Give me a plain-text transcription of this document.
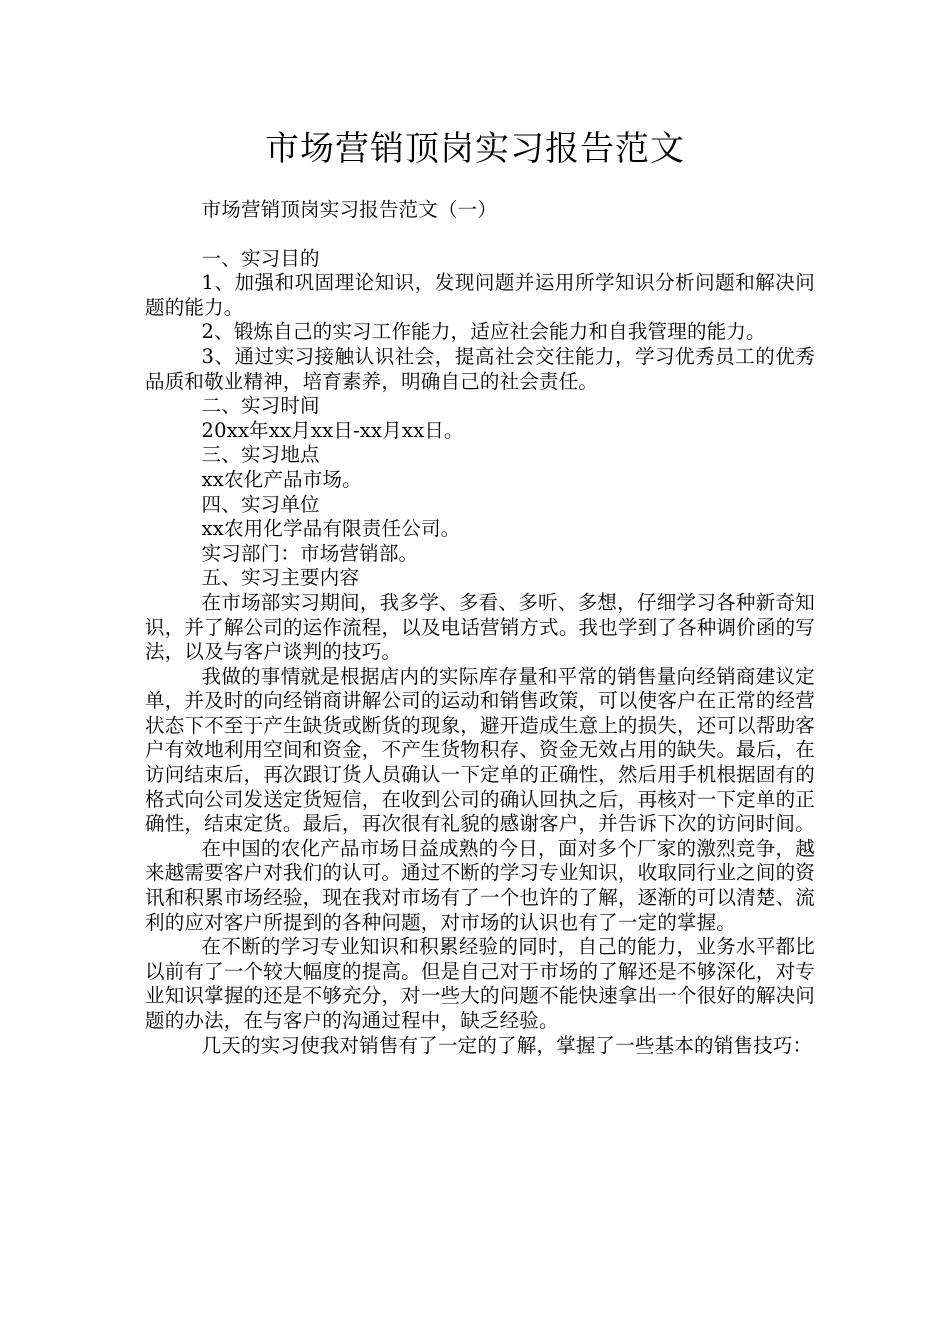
市场营销顶岗实习报告范文

市场营销顶岗实习报告范文（一）

一、实习目的

1、加强和巩固理论知识，发现问题并运用所学知识分析问题和解决问题的能力。

2、锻炼自己的实习工作能力，适应社会能力和自我管理的能力。

3、通过实习接触认识社会，提高社会交往能力，学习优秀员工的优秀品质和敬业精神，培育素养，明确自己的社会责任。

二、实习时间

20xx年xx月xx日-xx月xx日。

三、实习地点

xx农化产品市场。

四、实习单位

xx农用化学品有限责任公司。

实习部门：市场营销部。

五、实习主要内容

在市场部实习期间，我多学、多看、多听、多想，仔细学习各种新奇知识，并了解公司的运作流程，以及电话营销方式。我也学到了各种调价函的写法，以及与客户谈判的技巧。

我做的事情就是根据店内的实际库存量和平常的销售量向经销商建议定单，并及时的向经销商讲解公司的运动和销售政策，可以使客户在正常的经营状态下不至于产生缺货或断货的现象，避开造成生意上的损失，还可以帮助客户有效地利用空间和资金，不产生货物积存、资金无效占用的缺失。最后，在访问结束后，再次跟订货人员确认一下定单的正确性，然后用手机根据固有的格式向公司发送定货短信，在收到公司的确认回执之后，再核对一下定单的正确性，结束定货。最后，再次很有礼貌的感谢客户，并告诉下次的访问时间。

在中国的农化产品市场日益成熟的今日，面对多个厂家的激烈竞争，越来越需要客户对我们的认可。通过不断的学习专业知识，收取同行业之间的资讯和积累市场经验，现在我对市场有了一个也许的了解，逐渐的可以清楚、流利的应对客户所提到的各种问题，对市场的认识也有了一定的掌握。

在不断的学习专业知识和积累经验的同时，自己的能力，业务水平都比以前有了一个较大幅度的提高。但是自己对于市场的了解还是不够深化，对专业知识掌握的还是不够充分，对一些大的问题不能快速拿出一个很好的解决问题的办法，在与客户的沟通过程中，缺乏经验。

几天的实习使我对销售有了一定的了解，掌握了一些基本的销售技巧：
